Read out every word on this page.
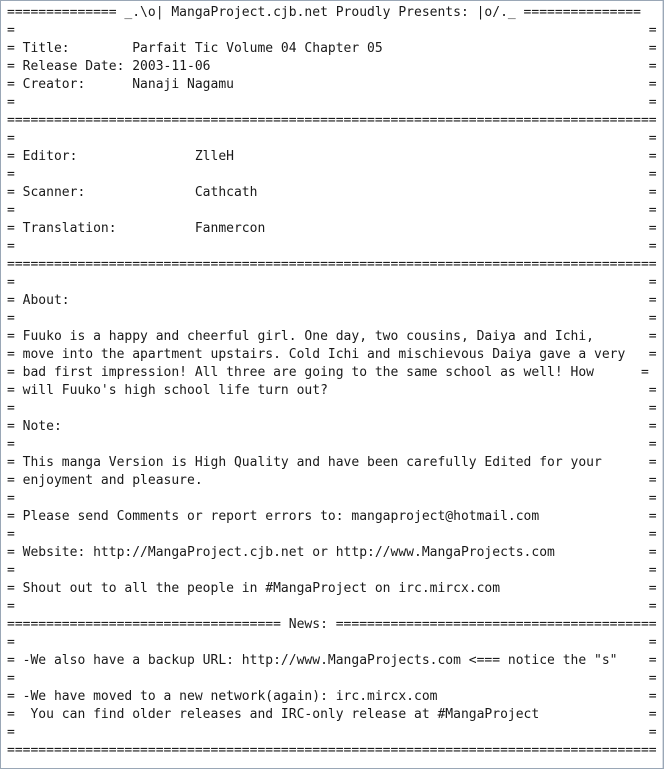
============== _.\o| MangaProject.cjb.net Proudly Presents: |o/._ ===============
=                                                                                 =
= Title:        Parfait Tic Volume 04 Chapter 05                                  =
= Release Date: 2003-11-06                                                        =
= Creator:      Nanaji Nagamu                                                     =
=                                                                                 =
===================================================================================
=                                                                                 =
= Editor:               ZlleH                                                     =
=                                                                                 =
= Scanner:              Cathcath                                                  =
=                                                                                 =
= Translation:          Fanmercon                                                 =
=                                                                                 =
===================================================================================
=                                                                                 =
= About:                                                                          =
=                                                                                 =
= Fuuko is a happy and cheerful girl. One day, two cousins, Daiya and Ichi,       =
= move into the apartment upstairs. Cold Ichi and mischievous Daiya gave a very   =
= bad first impression! All three are going to the same school as well! How      =
= will Fuuko's high school life turn out?                                         =
=                                                                                 =
= Note:                                                                           =
=                                                                                 =
= This manga Version is High Quality and have been carefully Edited for your      =
= enjoyment and pleasure.                                                         =
=                                                                                 =
= Please send Comments or report errors to: mangaproject@hotmail.com              =
=                                                                                 =
= Website: http://MangaProject.cjb.net or http://www.MangaProjects.com            =
=                                                                                 =
= Shout out to all the people in #MangaProject on irc.mircx.com                   =
=                                                                                 =
=================================== News: =========================================
=                                                                                 =
= -We also have a backup URL: http://www.MangaProjects.com <=== notice the "s"    =
=                                                                                 =
= -We have moved to a new network(again): irc.mircx.com                           =
=  You can find older releases and IRC-only release at #MangaProject              =
=                                                                                 =
===================================================================================
